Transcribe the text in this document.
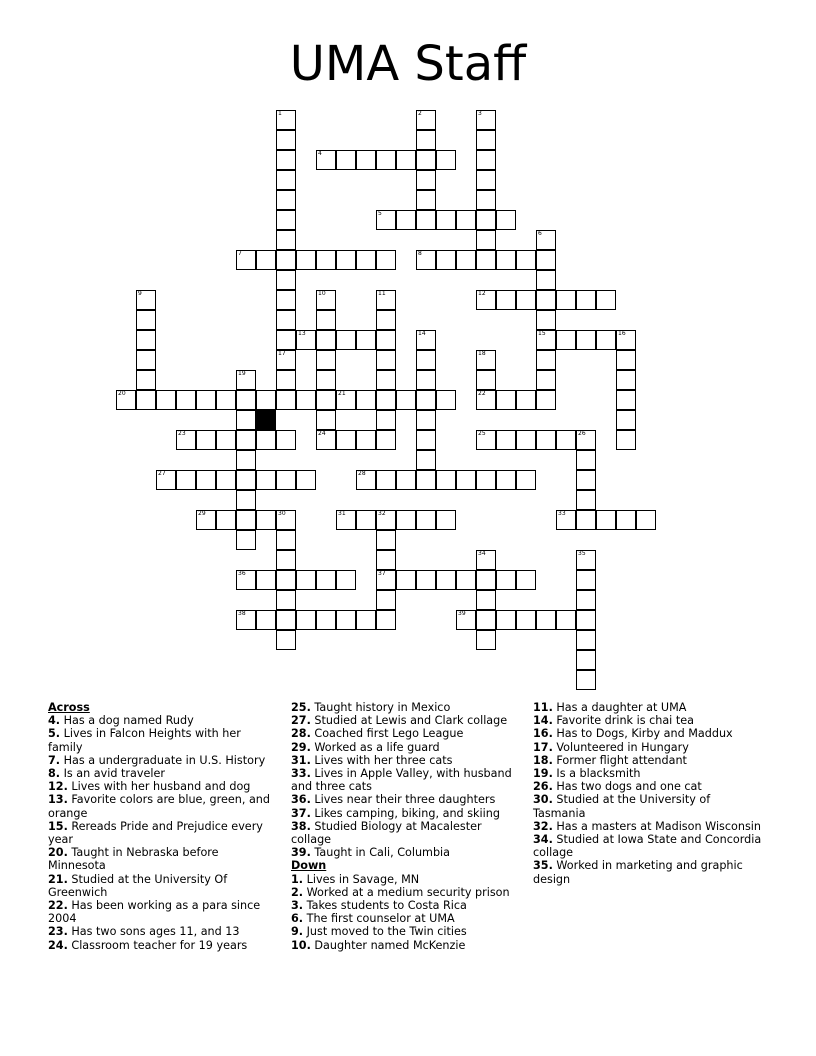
UMA Staff
4
5
7	8
12
13	15	16
20	21	22
23	24	25	26
27	28
29	30	31	32	33
36	37
38	39
1
17
2	3
6
9	10	11
14
18
19
34	35
Across
4. Has a dog named Rudy
5. Lives in Falcon Heights with her family
7. Has a undergraduate in U.S. History
8. Is an avid traveler
12. Lives with her husband and dog
13. Favorite colors are blue, green, and orange
15. Rereads Pride and Prejudice every year
20. Taught in Nebraska before Minnesota
21. Studied at the University Of Greenwich
22. Has been working as a para since 2004
23. Has two sons ages 11, and 13
24. Classroom teacher for 19 years
25. Taught history in Mexico
27. Studied at Lewis and Clark collage
28. Coached first Lego League
29. Worked as a life guard
31. Lives with her three cats
33. Lives in Apple Valley, with husband and three cats
36. Lives near their three daughters
37. Likes camping, biking, and skiing
38. Studied Biology at Macalester collage
39. Taught in Cali, Columbia
Down
1. Lives in Savage, MN
2. Worked at a medium security prison
3. Takes students to Costa Rica
6. The first counselor at UMA
9. Just moved to the Twin cities
10. Daughter named McKenzie
11. Has a daughter at UMA
14. Favorite drink is chai tea
16. Has to Dogs, Kirby and Maddux
17. Volunteered in Hungary
18. Former flight attendant
19. Is a blacksmith
26. Has two dogs and one cat
30. Studied at the University of Tasmania
32. Has a masters at Madison Wisconsin
34. Studied at Iowa State and Concordia collage
35. Worked in marketing and graphic design
